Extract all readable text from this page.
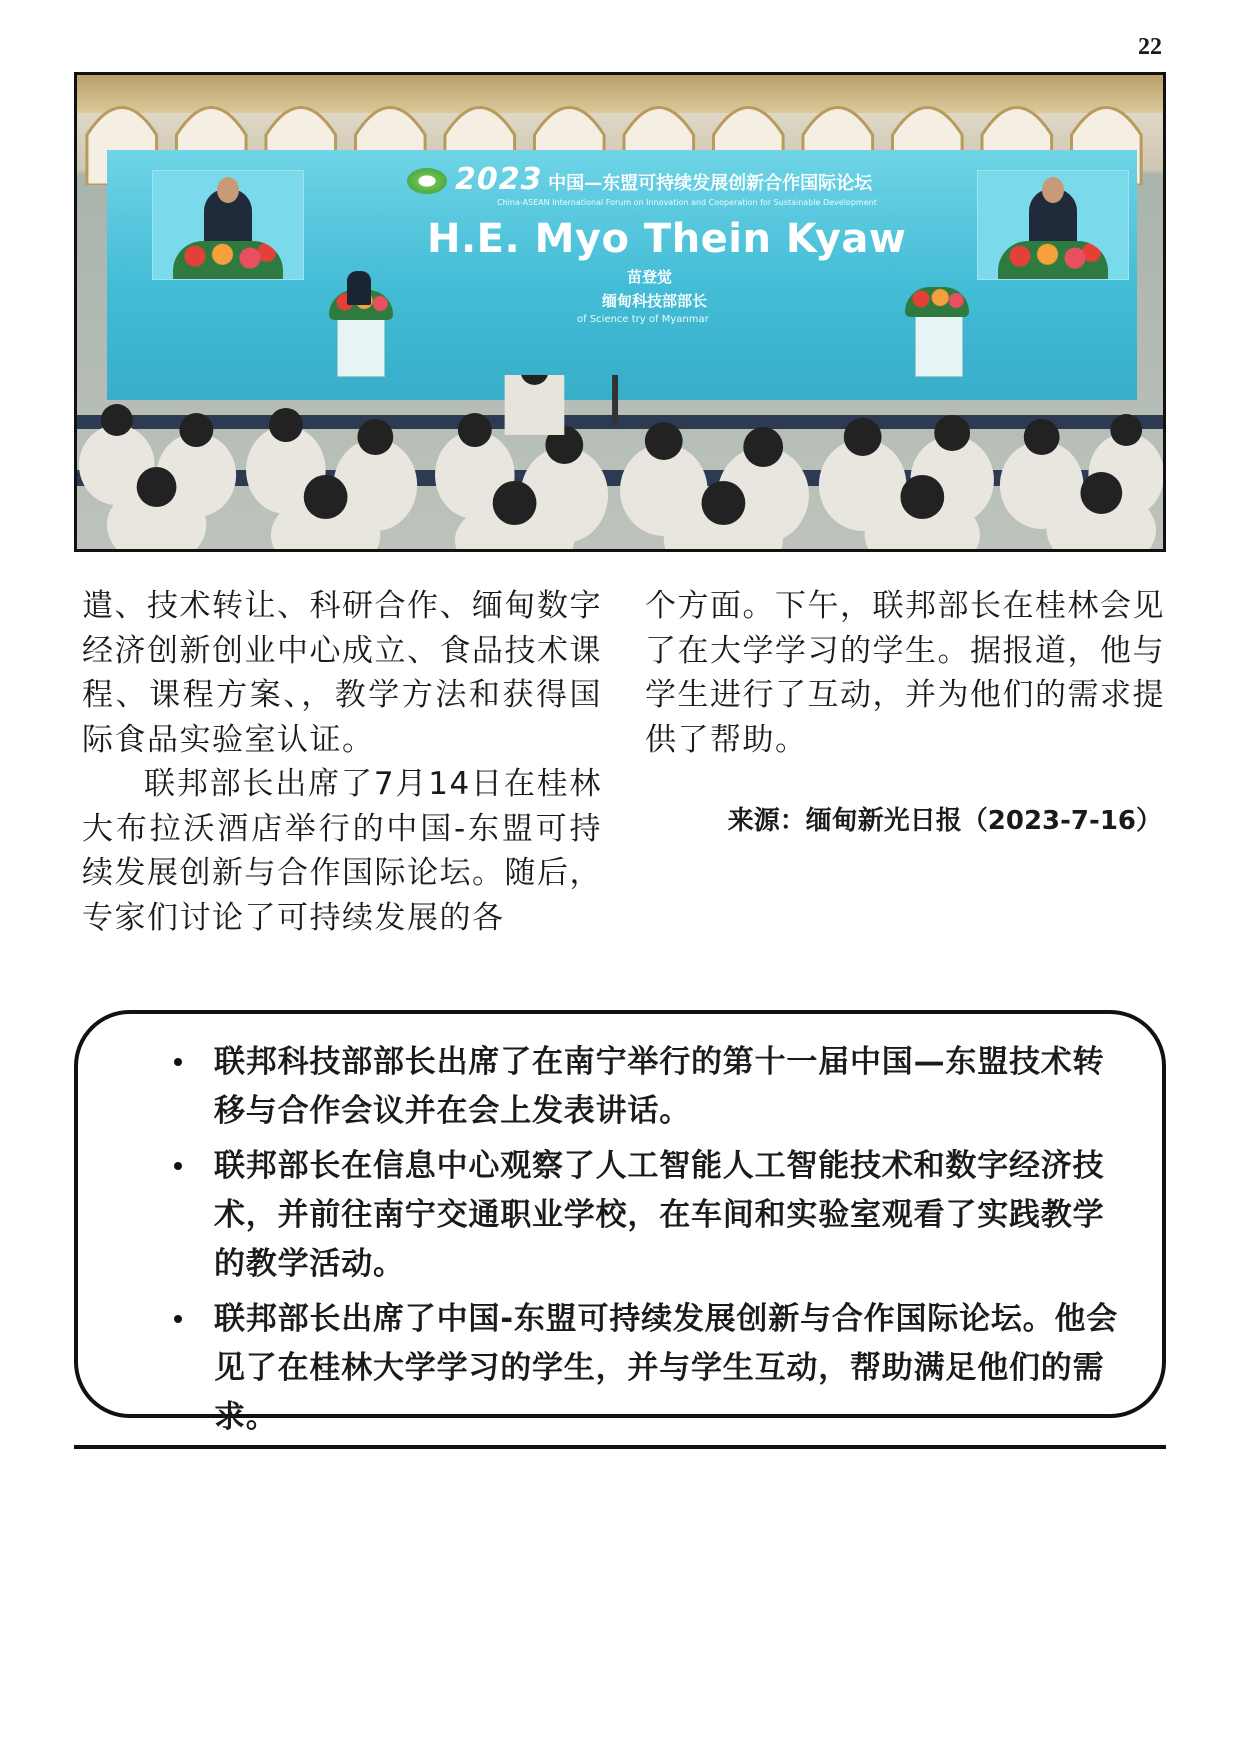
22
2023 中国—东盟可持续发展创新合作国际论坛
China-ASEAN International Forum on Innovation and Cooperation for Sustainable Development
H.E. Myo Thein Kyaw
苗登觉
缅甸科技部部长
of Science try of Myanmar

遣、技术转让、科研合作、缅甸数字经济创新创业中心成立、食品技术课程、课程方案、，教学方法和获得国际食品实验室认证。

联邦部长出席了7月14日在桂林大布拉沃酒店举行的中国-东盟可持续发展创新与合作国际论坛。随后，专家们讨论了可持续发展的各

个方面。下午，联邦部长在桂林会见了在大学学习的学生。据报道，他与学生进行了互动，并为他们的需求提供了帮助。

来源：缅甸新光日报（2023-7-16）
联邦科技部部长出席了在南宁举行的第十一届中国—东盟技术转移与合作会议并在会上发表讲话。
联邦部长在信息中心观察了人工智能人工智能技术和数字经济技术，并前往南宁交通职业学校，在车间和实验室观看了实践教学的教学活动。
联邦部长出席了中国-东盟可持续发展创新与合作国际论坛。他会见了在桂林大学学习的学生，并与学生互动，帮助满足他们的需求。
